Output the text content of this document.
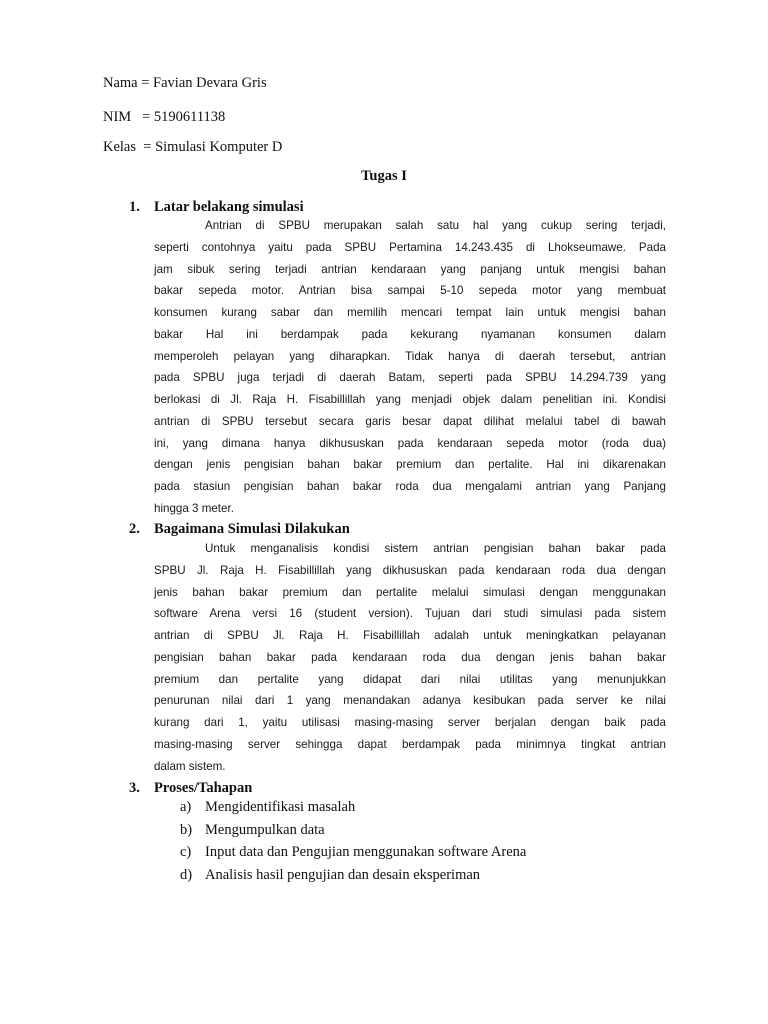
Nama = Favian Devara Gris
NIM   = 5190611138
Kelas  = Simulasi Komputer D
Tugas I
1. Latar belakang simulasi
Antrian di SPBU merupakan salah satu hal yang cukup sering terjadi,
seperti contohnya yaitu pada SPBU Pertamina 14.243.435 di Lhokseumawe. Pada
jam sibuk sering terjadi antrian kendaraan yang panjang untuk mengisi bahan
bakar sepeda motor. Antrian bisa sampai 5-10 sepeda motor yang membuat
konsumen kurang sabar dan memilih mencari tempat lain untuk mengisi bahan
bakar Hal ini berdampak pada kekurang nyamanan konsumen dalam
memperoleh pelayan yang diharapkan. Tidak hanya di daerah tersebut, antrian
pada SPBU juga terjadi di daerah Batam, seperti pada SPBU 14.294.739 yang
berlokasi di Jl. Raja H. Fisabillillah yang menjadi objek dalam penelitian ini. Kondisi
antrian di SPBU tersebut secara garis besar dapat dilihat melalui tabel di bawah
ini, yang dimana hanya dikhususkan pada kendaraan sepeda motor (roda dua)
dengan jenis pengisian bahan bakar premium dan pertalite. Hal ini dikarenakan
pada stasiun pengisian bahan bakar roda dua mengalami antrian yang Panjang
hingga 3 meter.
2. Bagaimana Simulasi Dilakukan
Untuk menganalisis kondisi sistem antrian pengisian bahan bakar pada
SPBU Jl. Raja H. Fisabillillah yang dikhususkan pada kendaraan roda dua dengan
jenis bahan bakar premium dan pertalite melalui simulasi dengan menggunakan
software Arena versi 16 (student version). Tujuan dari studi simulasi pada sistem
antrian di SPBU Jl. Raja H. Fisabillillah adalah untuk meningkatkan pelayanan
pengisian bahan bakar pada kendaraan roda dua dengan jenis bahan bakar
premium dan pertalite yang didapat dari nilai utilitas yang menunjukkan
penurunan nilai dari 1 yang menandakan adanya kesibukan pada server ke nilai
kurang dari 1, yaitu utilisasi masing-masing server berjalan dengan baik pada
masing-masing server sehingga dapat berdampak pada minimnya tingkat antrian
dalam sistem.
3. Proses/Tahapan
a) Mengidentifikasi masalah
b) Mengumpulkan data
c) Input data dan Pengujian menggunakan software Arena
d) Analisis hasil pengujian dan desain eksperiman
